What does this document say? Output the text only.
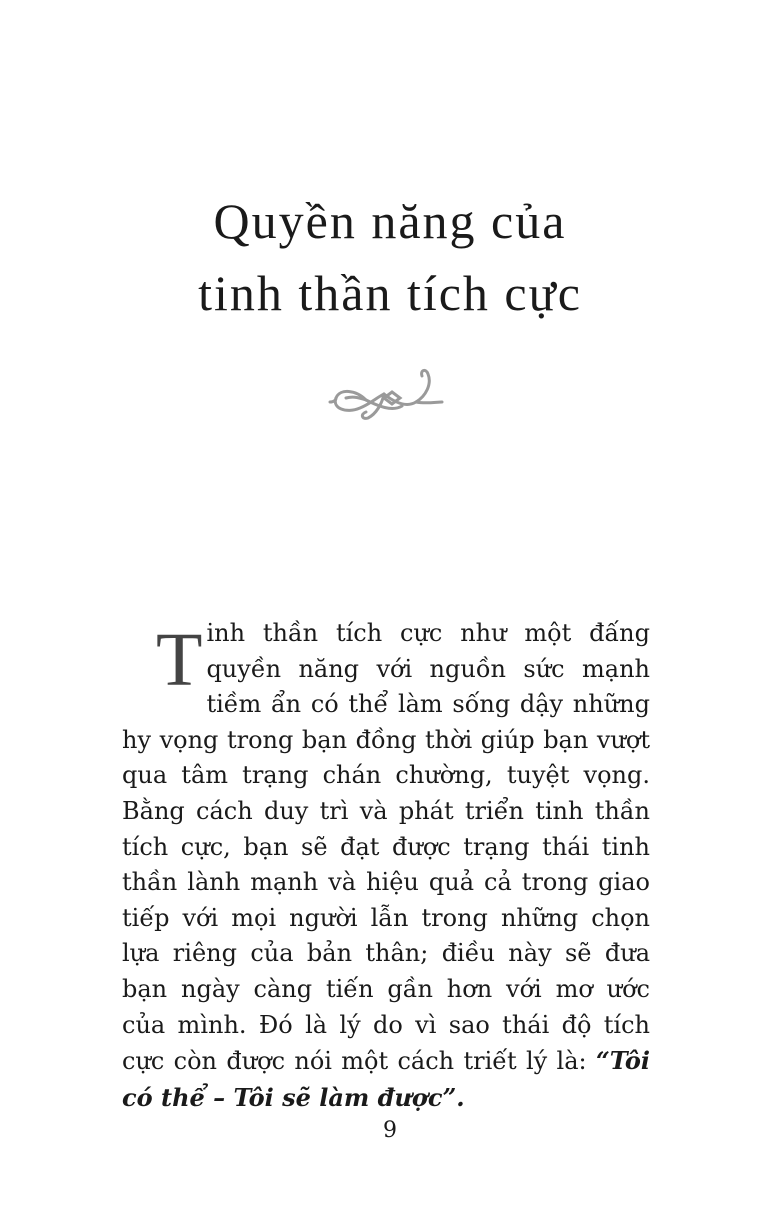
Quyền năng của
tinh thần tích cực
Tinh thần tích cực như một đấng quyền năng với nguồn sức mạnh tiềm ẩn có thể làm sống dậy những hy vọng trong bạn đồng thời giúp bạn vượt qua tâm trạng chán chường, tuyệt vọng. Bằng cách duy trì và phát triển tinh thần tích cực, bạn sẽ đạt được trạng thái tinh thần lành mạnh và hiệu quả cả trong giao tiếp với mọi người lẫn trong những chọn lựa riêng của bản thân; điều này sẽ đưa bạn ngày càng tiến gần hơn với mơ ước của mình. Đó là lý do vì sao thái độ tích cực còn được nói một cách triết lý là: “Tôi có thể – Tôi sẽ làm được”.
9
